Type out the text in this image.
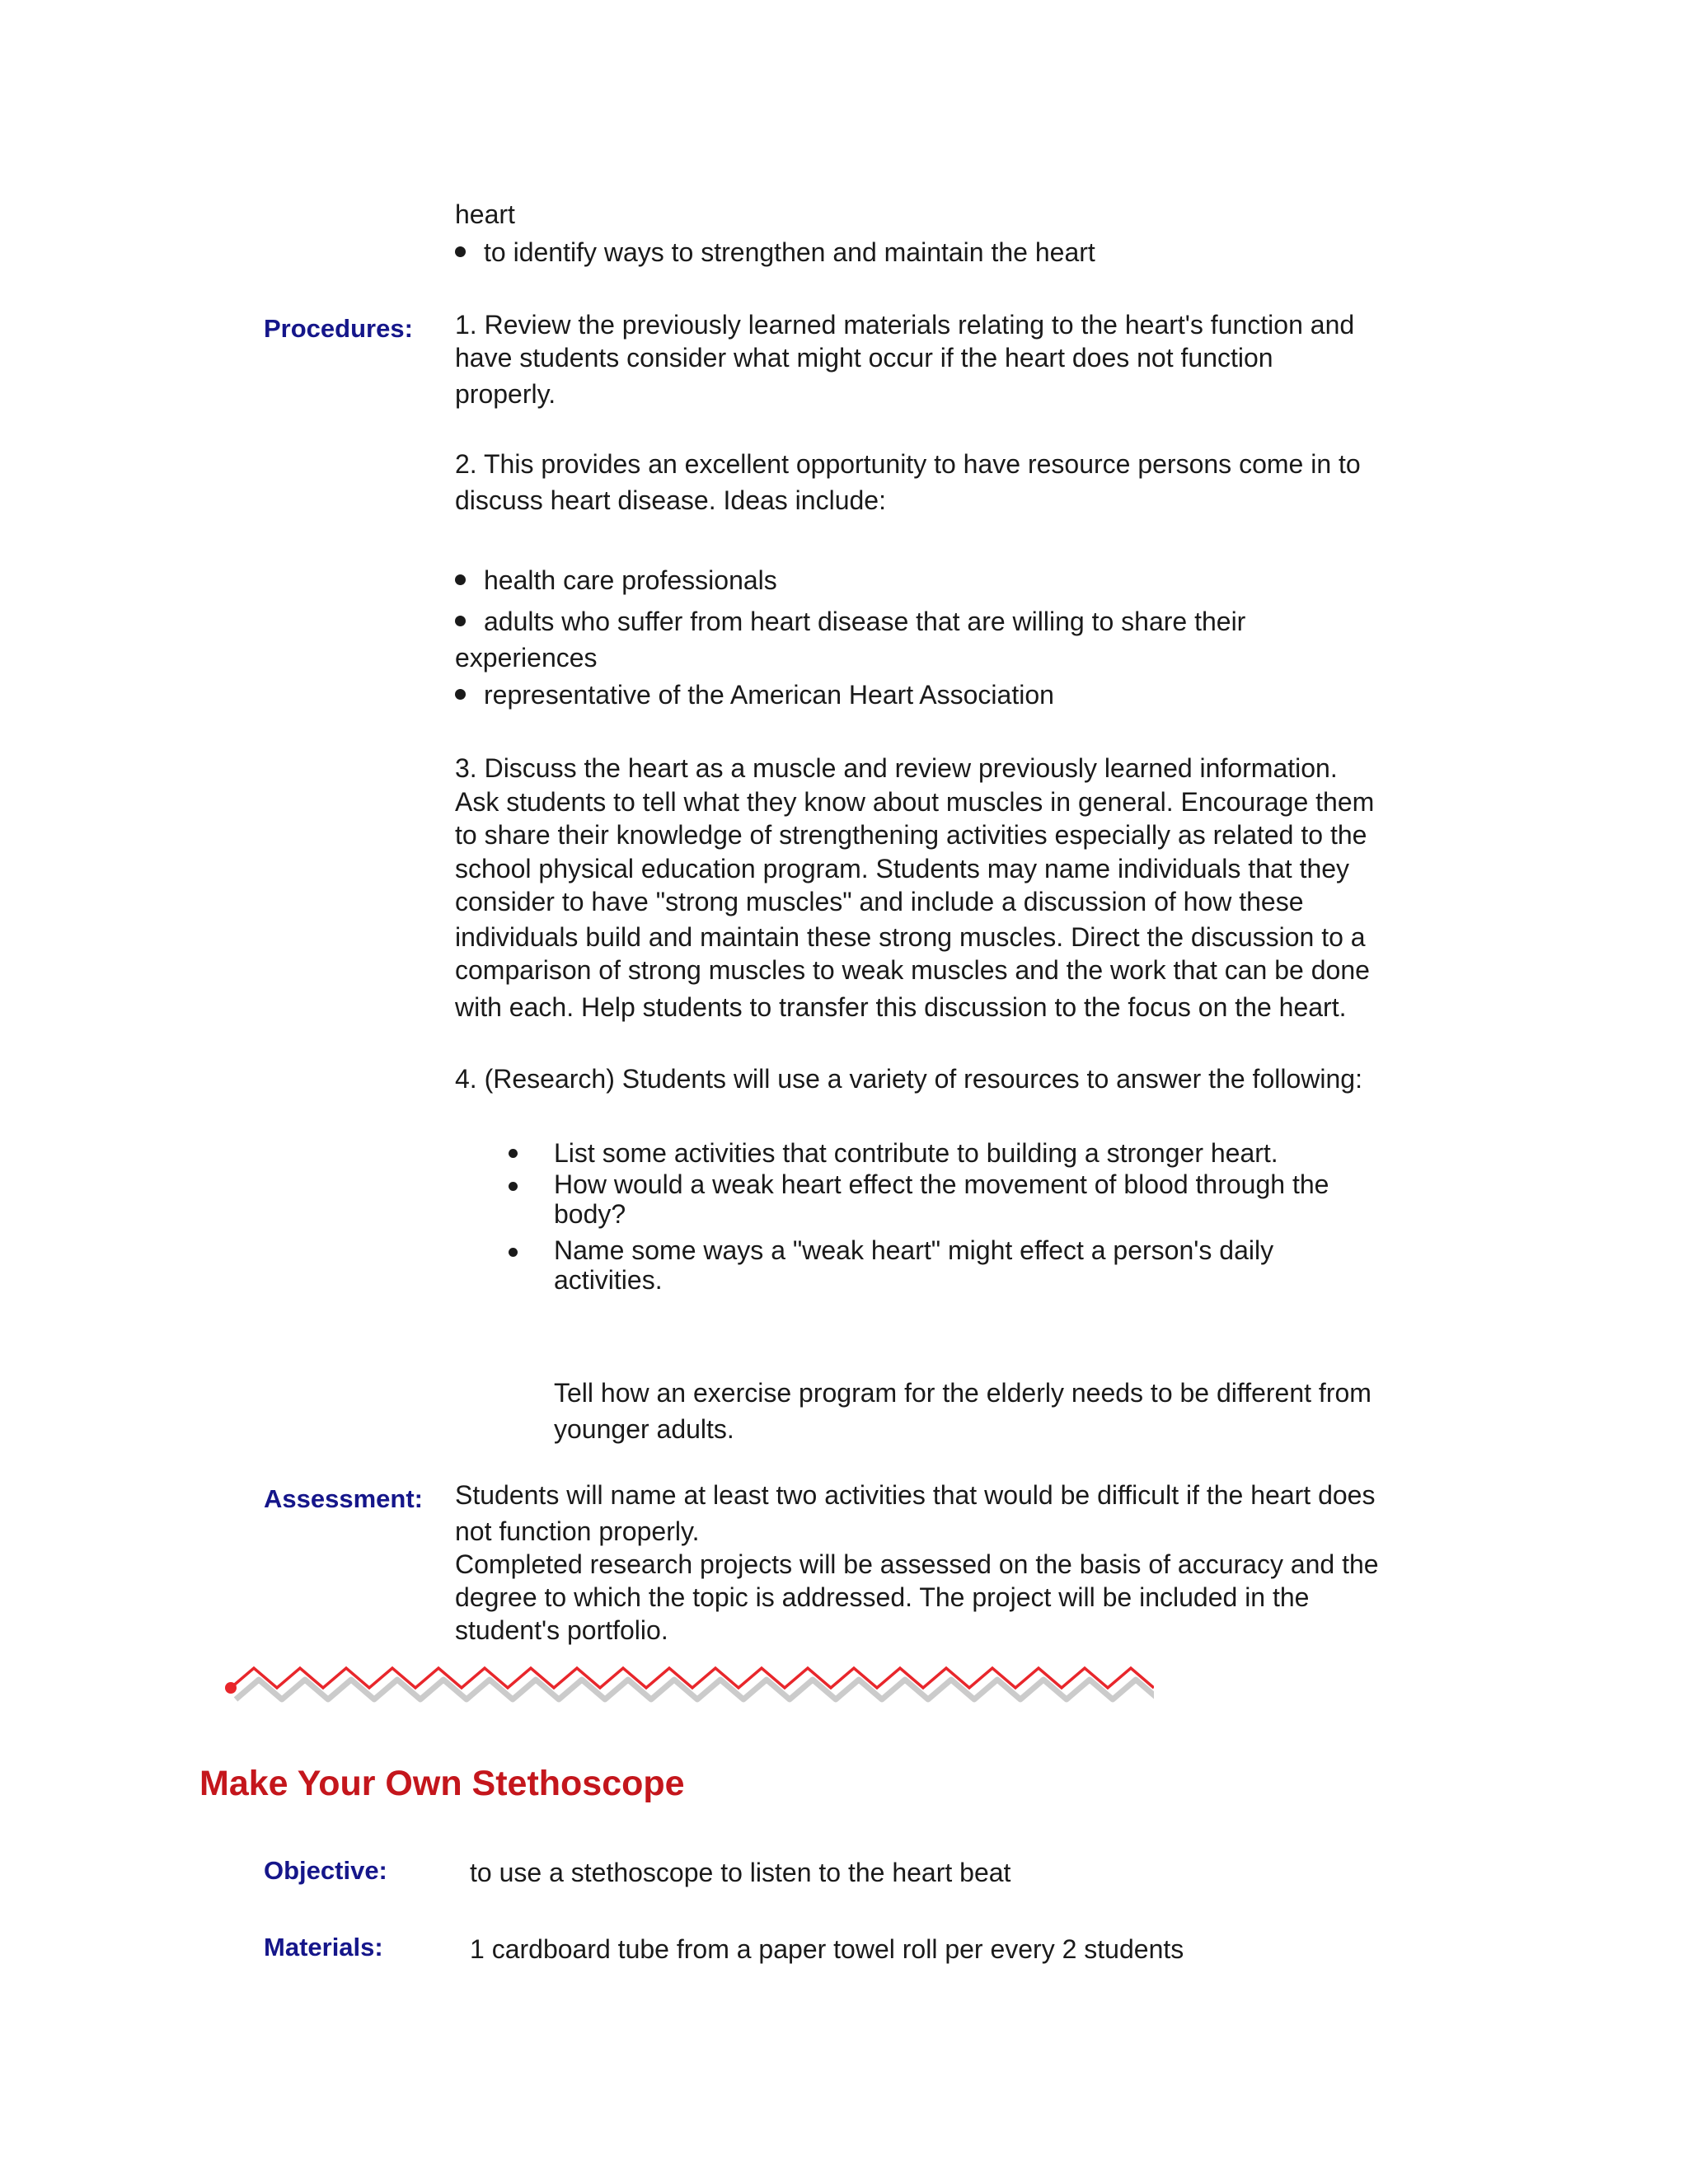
heart
to identify ways to strengthen and maintain the heart
Procedures: 1. Review the previously learned materials relating to the heart's function and
have students consider what might occur if the heart does not function
properly.
2. This provides an excellent opportunity to have resource persons come in to
discuss heart disease. Ideas include:
health care professionals
adults who suffer from heart disease that are willing to share their
experiences
representative of the American Heart Association
3. Discuss the heart as a muscle and review previously learned information.
Ask students to tell what they know about muscles in general. Encourage them
to share their knowledge of strengthening activities especially as related to the
school physical education program. Students may name individuals that they
consider to have "strong muscles" and include a discussion of how these
individuals build and maintain these strong muscles. Direct the discussion to a
comparison of strong muscles to weak muscles and the work that can be done
with each. Help students to transfer this discussion to the focus on the heart.
4. (Research) Students will use a variety of resources to answer the following:
List some activities that contribute to building a stronger heart.
How would a weak heart effect the movement of blood through the
body?
Name some ways a "weak heart" might effect a person's daily
activities.
Tell how an exercise program for the elderly needs to be different from
younger adults.
Assessment: Students will name at least two activities that would be difficult if the heart does
not function properly.
Completed research projects will be assessed on the basis of accuracy and the
degree to which the topic is addressed. The project will be included in the
student's portfolio.
Make Your Own Stethoscope
Objective:	to use a stethoscope to listen to the heart beat
Materials:	1 cardboard tube from a paper towel roll per every 2 students
